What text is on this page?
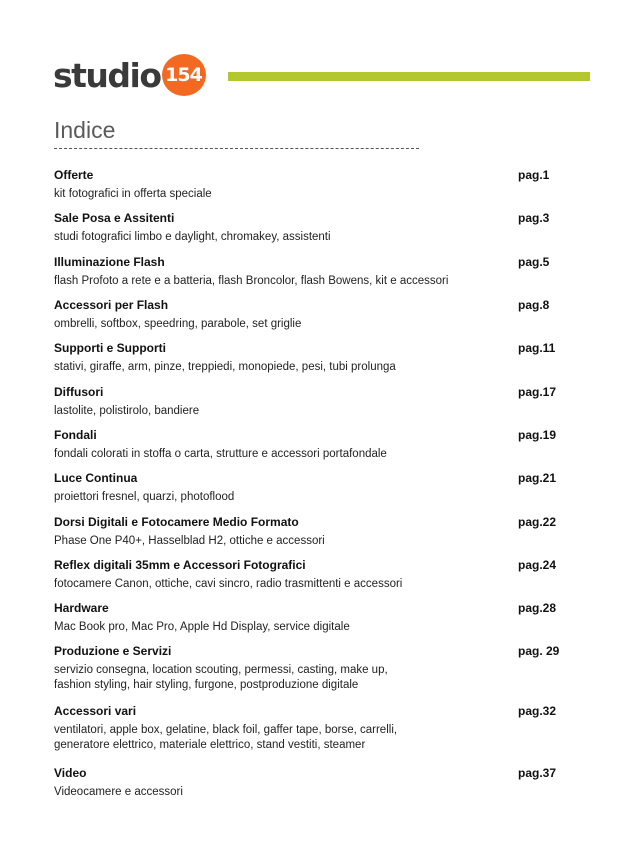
studio 154
Indice
Offerte	pag.1
kit fotografici in offerta speciale
Sale Posa e Assitenti	pag.3
studi fotografici limbo e daylight, chromakey, assistenti
Illuminazione Flash	pag.5
flash Profoto a rete e a batteria, flash Broncolor, flash Bowens, kit e accessori
Accessori per Flash	pag.8
ombrelli, softbox, speedring, parabole, set griglie
Supporti e Supporti	pag.11
stativi, giraffe, arm, pinze, treppiedi, monopiede, pesi, tubi prolunga
Diffusori	pag.17
lastolite, polistirolo, bandiere
Fondali	pag.19
fondali colorati in stoffa o carta, strutture e accessori portafondale
Luce Continua	pag.21
proiettori fresnel, quarzi, photoflood
Dorsi Digitali e Fotocamere Medio Formato	pag.22
Phase One P40+, Hasselblad H2, ottiche e accessori
Reflex digitali 35mm e Accessori Fotografici	pag.24
fotocamere Canon, ottiche, cavi sincro, radio trasmittenti e accessori
Hardware	pag.28
Mac Book pro, Mac Pro, Apple Hd Display, service digitale
Produzione e Servizi	pag. 29
servizio consegna, location scouting, permessi, casting, make up,
fashion styling, hair styling, furgone, postproduzione digitale
Accessori vari	pag.32
ventilatori, apple box, gelatine, black foil, gaffer tape, borse, carrelli,
generatore elettrico, materiale elettrico, stand vestiti, steamer
Video	pag.37
Videocamere e accessori
